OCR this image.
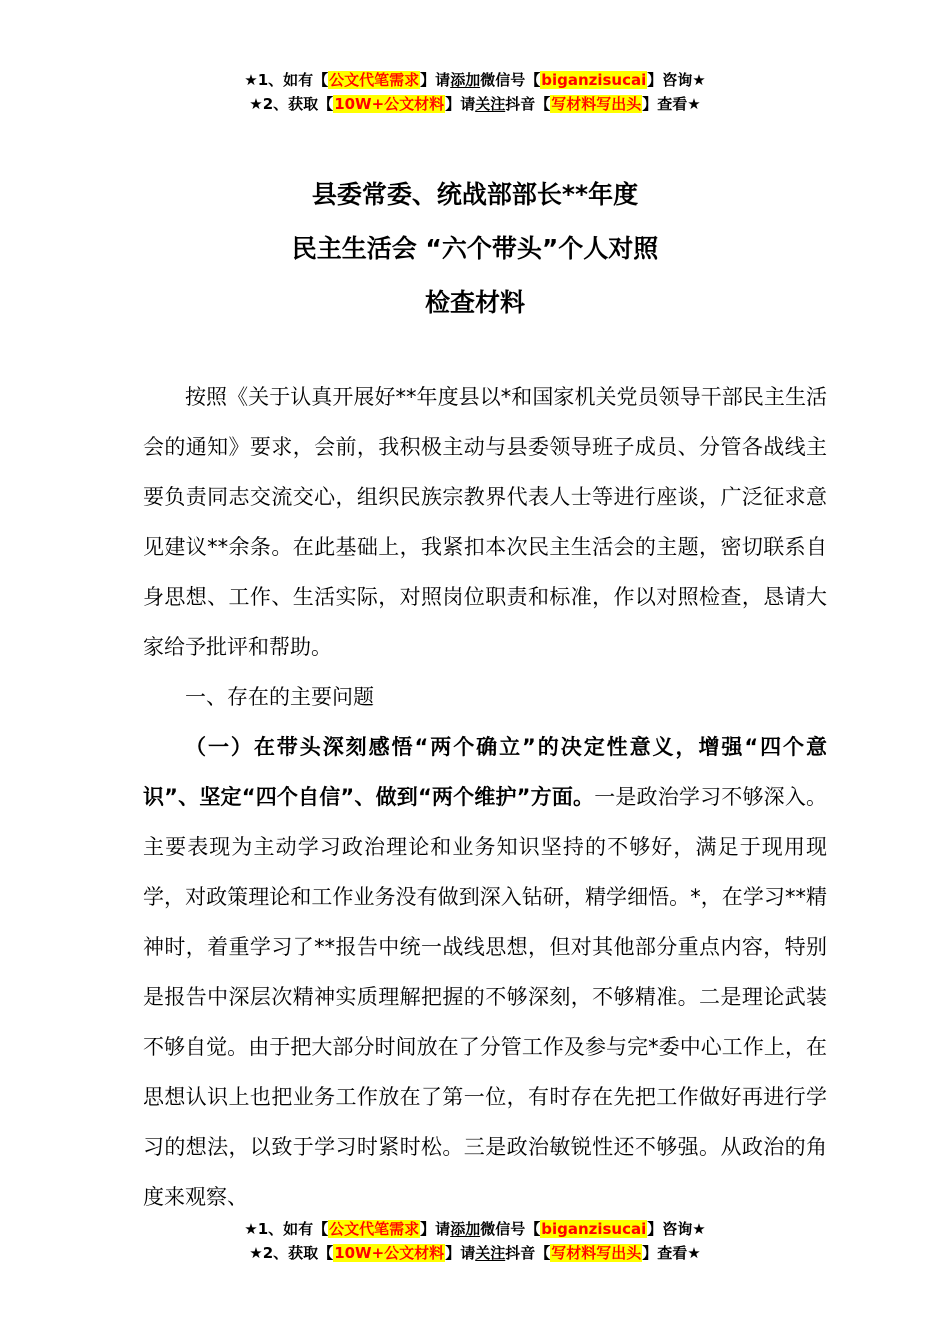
★1、如有【公文代笔需求】请添加微信号【biganzisucai】咨询★
★2、获取【10W+公文材料】请关注抖音【写材料写出头】查看★
县委常委、统战部部长**年度
民主生活会 “六个带头”个人对照
检查材料

按照《关于认真开展好**年度县以*和国家机关党员领导干部民主生活会的通知》要求，会前，我积极主动与县委领导班子成员、分管各战线主要负责同志交流交心，组织民族宗教界代表人士等进行座谈，广泛征求意见建议**余条。在此基础上，我紧扣本次民主生活会的主题，密切联系自身思想、工作、生活实际，对照岗位职责和标准，作以对照检查，恳请大家给予批评和帮助。

一、存在的主要问题

（一）在带头深刻感悟“两个确立”的决定性意义，增强“四个意识”、坚定“四个自信”、做到“两个维护”方面。一是政治学习不够深入。主要表现为主动学习政治理论和业务知识坚持的不够好，满足于现用现学，对政策理论和工作业务没有做到深入钻研，精学细悟。*，在学习**精神时，着重学习了**报告中统一战线思想，但对其他部分重点内容，特别是报告中深层次精神实质理解把握的不够深刻，不够精准。二是理论武装不够自觉。由于把大部分时间放在了分管工作及参与完*委中心工作上，在思想认识上也把业务工作放在了第一位，有时存在先把工作做好再进行学习的想法，以致于学习时紧时松。三是政治敏锐性还不够强。从政治的角度来观察、

★1、如有【公文代笔需求】请添加微信号【biganzisucai】咨询★
★2、获取【10W+公文材料】请关注抖音【写材料写出头】查看★
